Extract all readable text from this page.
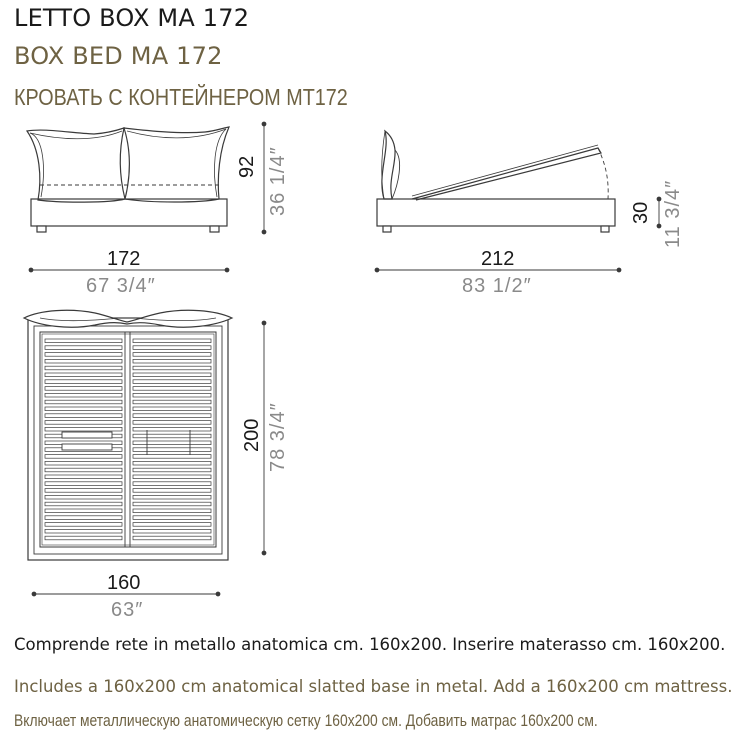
LETTO BOX MA 172

BOX BED MA 172

КРОВАТЬ С КОНТЕЙНЕРОМ MT172

172
67 3/4″
92 36 1/4″
212
83 1/2″
30 11 3/4″
160
63″
200 78 3/4″

Comprende rete in metallo anatomica cm. 160x200. Inserire materasso cm. 160x200.

Includes a 160x200 cm anatomical slatted base in metal. Add a 160x200 cm mattress.

Включает металлическую анатомическую сетку 160x200 см. Добавить матрас 160x200 см.
